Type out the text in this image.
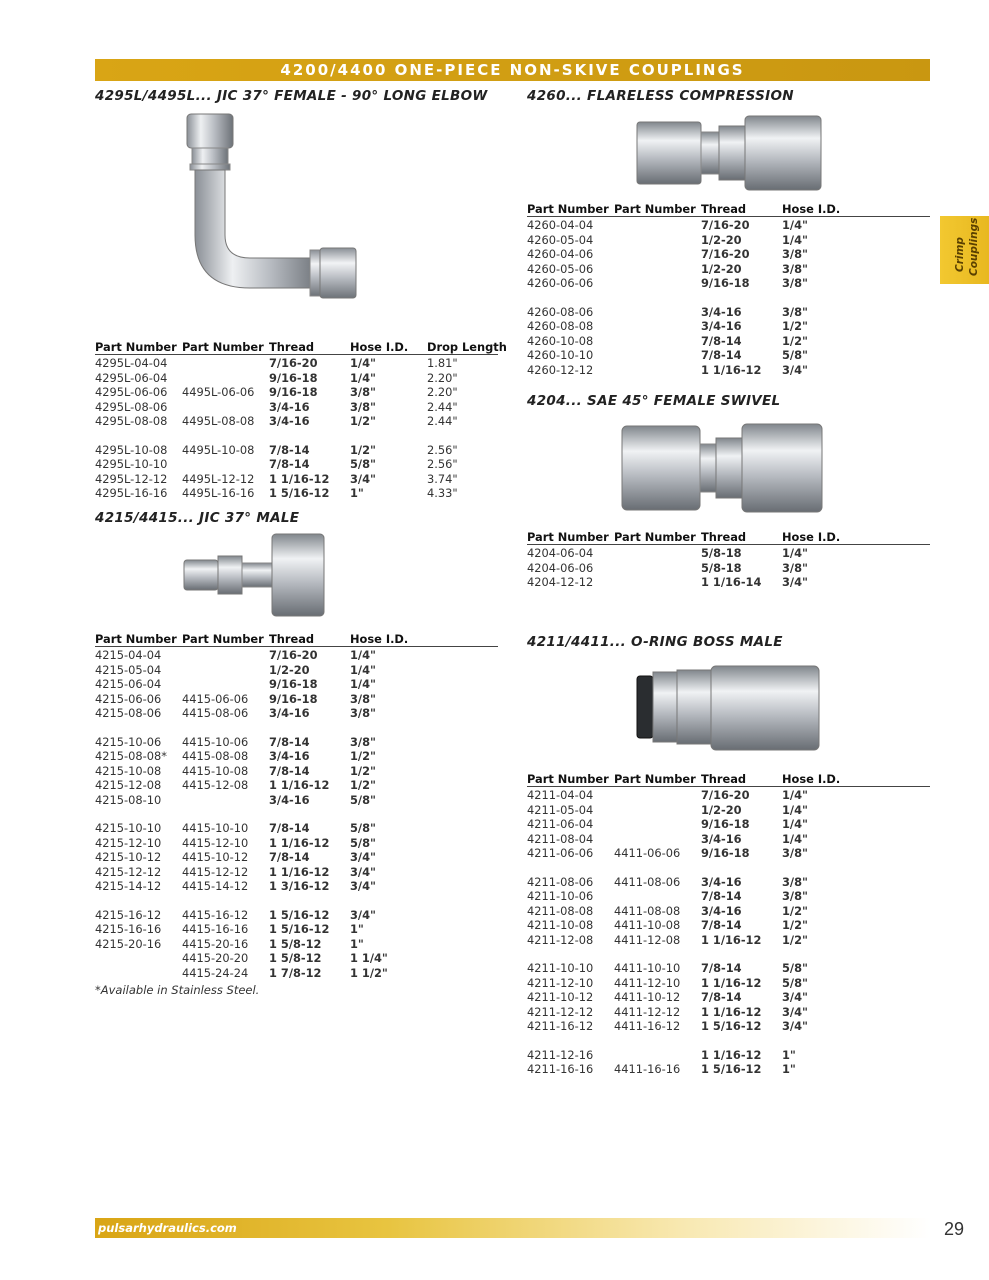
4200/4400 ONE-PIECE NON-SKIVE COUPLINGS
Crimp Couplings
4295L/4495L... JIC 37° FEMALE - 90° LONG ELBOW
Part Number Part Number Thread	Hose I.D. Drop Length
4295L-04-04	7/16-20	1/4"	1.81"
4295L-06-04	9/16-18	1/4"	2.20"
4295L-06-06 4495L-06-06 9/16-18	3/8"	2.20"
4295L-08-06	3/4-16	3/8"	2.44"
4295L-08-08 4495L-08-08 3/4-16	1/2"	2.44"
4295L-10-08 4495L-10-08 7/8-14	1/2"	2.56"
4295L-10-10	7/8-14	5/8"	2.56"
4295L-12-12 4495L-12-12 1 1/16-12 3/4"	3.74"
4295L-16-16 4495L-16-16 1 5/16-12 1"	4.33"
4215/4415... JIC 37° MALE
Part Number Part Number Thread	Hose I.D.
4215-04-04	7/16-20	1/4"
4215-05-04	1/2-20	1/4"
4215-06-04	9/16-18	1/4"
4215-06-06 4415-06-06 9/16-18	3/8"
4215-08-06 4415-08-06 3/4-16	3/8"
4215-10-06 4415-10-06 7/8-14	3/8"
4215-08-08* 4415-08-08 3/4-16	1/2"
4215-10-08 4415-10-08 7/8-14	1/2"
4215-12-08 4415-12-08 1 1/16-12 1/2"
4215-08-10	3/4-16	5/8"
4215-10-10 4415-10-10 7/8-14	5/8"
4215-12-10 4415-12-10 1 1/16-12 5/8"
4215-10-12 4415-10-12 7/8-14	3/4"
4215-12-12 4415-12-12 1 1/16-12 3/4"
4215-14-12 4415-14-12 1 3/16-12 3/4"
4215-16-12 4415-16-12 1 5/16-12 3/4"
4215-16-16 4415-16-16 1 5/16-12 1"
4215-20-16 4415-20-16 1 5/8-12	1"
4415-20-20 1 5/8-12	1 1/4"
4415-24-24 1 7/8-12	1 1/2"
*Available in Stainless Steel.
4260... FLARELESS COMPRESSION
Part Number Part Number Thread	Hose I.D.
4260-04-04	7/16-20	1/4"
4260-05-04	1/2-20	1/4"
4260-04-06	7/16-20	3/8"
4260-05-06	1/2-20	3/8"
4260-06-06	9/16-18	3/8"
4260-08-06	3/4-16	3/8"
4260-08-08	3/4-16	1/2"
4260-10-08	7/8-14	1/2"
4260-10-10	7/8-14	5/8"
4260-12-12	1 1/16-12 3/4"
4204... SAE 45° FEMALE SWIVEL
Part Number Part Number Thread	Hose I.D.
4204-06-04	5/8-18	1/4"
4204-06-06	5/8-18	3/8"
4204-12-12	1 1/16-14 3/4"
4211/4411... O-RING BOSS MALE
Part Number Part Number Thread	Hose I.D.
4211-04-04	7/16-20	1/4"
4211-05-04	1/2-20	1/4"
4211-06-04	9/16-18	1/4"
4211-08-04	3/4-16	1/4"
4211-06-06 4411-06-06 9/16-18	3/8"
4211-08-06 4411-08-06 3/4-16	3/8"
4211-10-06	7/8-14	3/8"
4211-08-08 4411-08-08 3/4-16	1/2"
4211-10-08 4411-10-08 7/8-14	1/2"
4211-12-08 4411-12-08 1 1/16-12 1/2"
4211-10-10 4411-10-10 7/8-14	5/8"
4211-12-10 4411-12-10 1 1/16-12 5/8"
4211-10-12 4411-10-12 7/8-14	3/4"
4211-12-12 4411-12-12 1 1/16-12 3/4"
4211-16-12 4411-16-12 1 5/16-12 3/4"
4211-12-16	1 1/16-12 1"
4211-16-16 4411-16-16 1 5/16-12 1"
pulsarhydraulics.com	29
